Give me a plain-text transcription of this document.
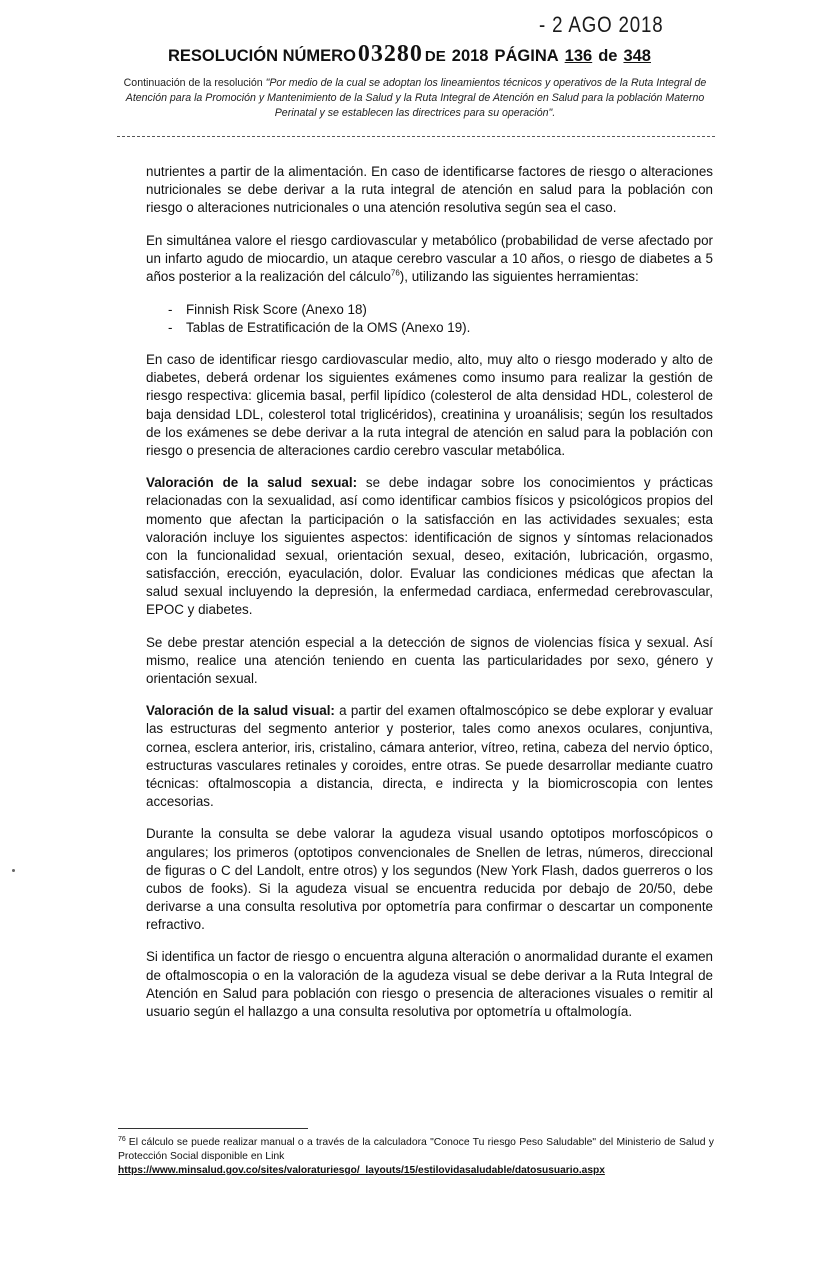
- 2 AGO 2018
RESOLUCIÓN NÚMERO 03280 DE 2018 PÁGINA 136 de 348
Continuación de la resolución "Por medio de la cual se adoptan los lineamientos técnicos y operativos de la Ruta Integral de Atención para la Promoción y Mantenimiento de la Salud y la Ruta Integral de Atención en Salud para la población Materno Perinatal y se establecen las directrices para su operación".

nutrientes a partir de la alimentación. En caso de identificarse factores de riesgo o alteraciones nutricionales se debe derivar a la ruta integral de atención en salud para la población con riesgo o alteraciones nutricionales o una atención resolutiva según sea el caso.

En simultánea valore el riesgo cardiovascular y metabólico (probabilidad de verse afectado por un infarto agudo de miocardio, un ataque cerebro vascular a 10 años, o riesgo de diabetes a 5 años posterior a la realización del cálculo$^{76}$), utilizando las siguientes herramientas:

-	Finnish Risk Score (Anexo 18)
-	Tablas de Estratificación de la OMS (Anexo 19).

En caso de identificar riesgo cardiovascular medio, alto, muy alto o riesgo moderado y alto de diabetes, deberá ordenar los siguientes exámenes como insumo para realizar la gestión de riesgo respectiva: glicemia basal, perfil lipídico (colesterol de alta densidad HDL, colesterol de baja densidad LDL, colesterol total triglicéridos), creatinina y uroanálisis; según los resultados de los exámenes se debe derivar a la ruta integral de atención en salud para la población con riesgo o presencia de alteraciones cardio cerebro vascular metabólica.

Valoración de la salud sexual: se debe indagar sobre los conocimientos y prácticas relacionadas con la sexualidad, así como identificar cambios físicos y psicológicos propios del momento que afectan la participación o la satisfacción en las actividades sexuales; esta valoración incluye los siguientes aspectos: identificación de signos y síntomas relacionados con la funcionalidad sexual, orientación sexual, deseo, exitación, lubricación, orgasmo, satisfacción, erección, eyaculación, dolor. Evaluar las condiciones médicas que afectan la salud sexual incluyendo la depresión, la enfermedad cardiaca, enfermedad cerebrovascular, EPOC y diabetes.

Se debe prestar atención especial a la detección de signos de violencias física y sexual. Así mismo, realice una atención teniendo en cuenta las particularidades por sexo, género y orientación sexual.

Valoración de la salud visual: a partir del examen oftalmoscópico se debe explorar y evaluar las estructuras del segmento anterior y posterior, tales como anexos oculares, conjuntiva, cornea, esclera anterior, iris, cristalino, cámara anterior, vítreo, retina, cabeza del nervio óptico, estructuras vasculares retinales y coroides, entre otras. Se puede desarrollar mediante cuatro técnicas: oftalmoscopia a distancia, directa, e indirecta y la biomicroscopia con lentes accesorias.

Durante la consulta se debe valorar la agudeza visual usando optotipos morfoscópicos o angulares; los primeros (optotipos convencionales de Snellen de letras, números, direccional de figuras o C del Landolt, entre otros) y los segundos (New York Flash, dados guerreros o los cubos de fooks). Si la agudeza visual se encuentra reducida por debajo de 20/50, debe derivarse a una consulta resolutiva por optometría para confirmar o descartar un componente refractivo.

Si identifica un factor de riesgo o encuentra alguna alteración o anormalidad durante el examen de oftalmoscopia o en la valoración de la agudeza visual se debe derivar a la Ruta Integral de Atención en Salud para población con riesgo o presencia de alteraciones visuales o remitir al usuario según el hallazgo a una consulta resolutiva por optometría u oftalmología.

$^{76}$ El cálculo se puede realizar manual o a través de la calculadora "Conoce Tu riesgo Peso Saludable" del Ministerio de Salud y Protección Social disponible en Link
https://www.minsalud.gov.co/sites/valoraturiesgo/_layouts/15/estilovidasaludable/datosusuario.aspx
